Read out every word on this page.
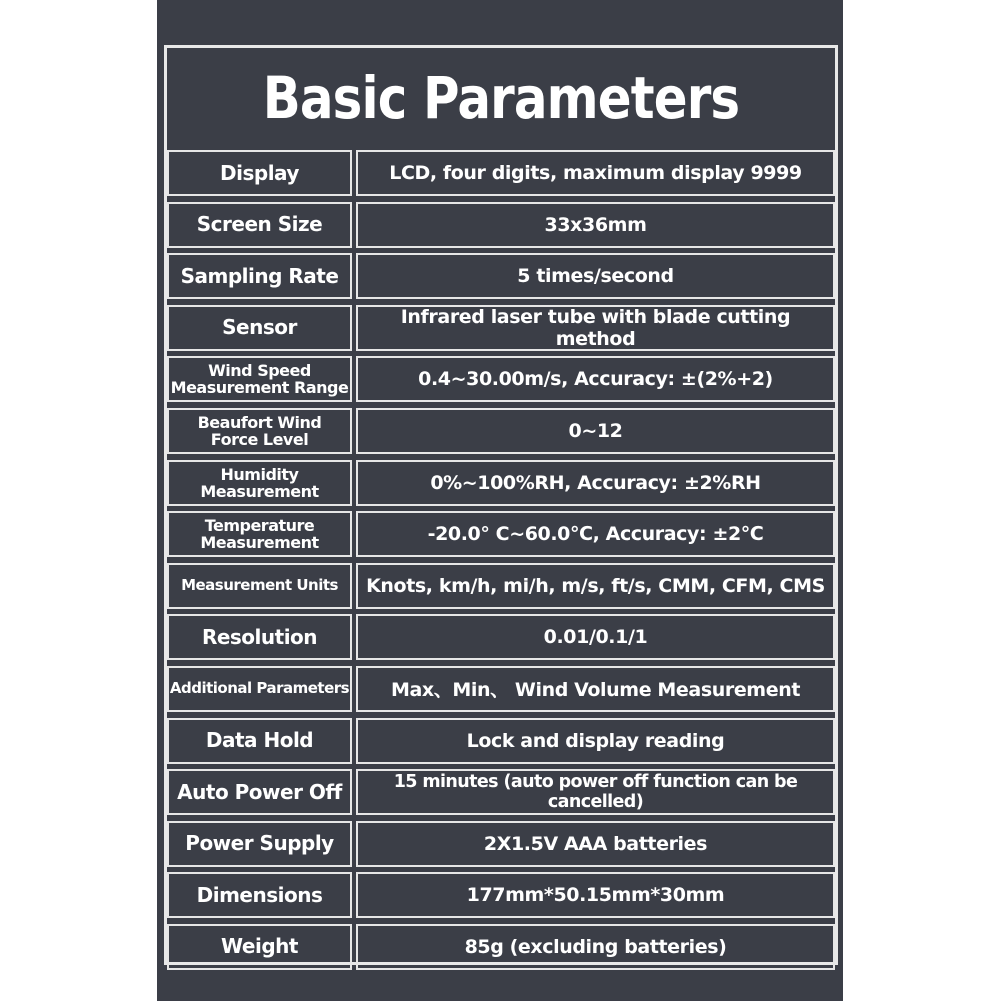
Basic Parameters
Display	LCD, four digits, maximum display 9999
Screen Size	33x36mm
Sampling Rate	5 times/second
Sensor	Infrared laser tube with blade cutting method
Wind Speed
Measurement Range	0.4~30.00m/s, Accuracy: ±(2%+2)
Beaufort Wind
Force Level	0~12
Humidity
Measurement	0%~100%RH, Accuracy: ±2%RH
Temperature
Measurement	-20.0° C~60.0℃, Accuracy: ±2℃
Measurement Units	Knots, km/h, mi/h, m/s, ft/s, CMM, CFM, CMS
Resolution	0.01/0.1/1
Additional Parameters	Max、Min、 Wind Volume Measurement
Data Hold	Lock and display reading
Auto Power Off	15 minutes (auto power off function can be cancelled)
Power Supply	2X1.5V AAA batteries
Dimensions	177mm*50.15mm*30mm
Weight	85g (excluding batteries)
